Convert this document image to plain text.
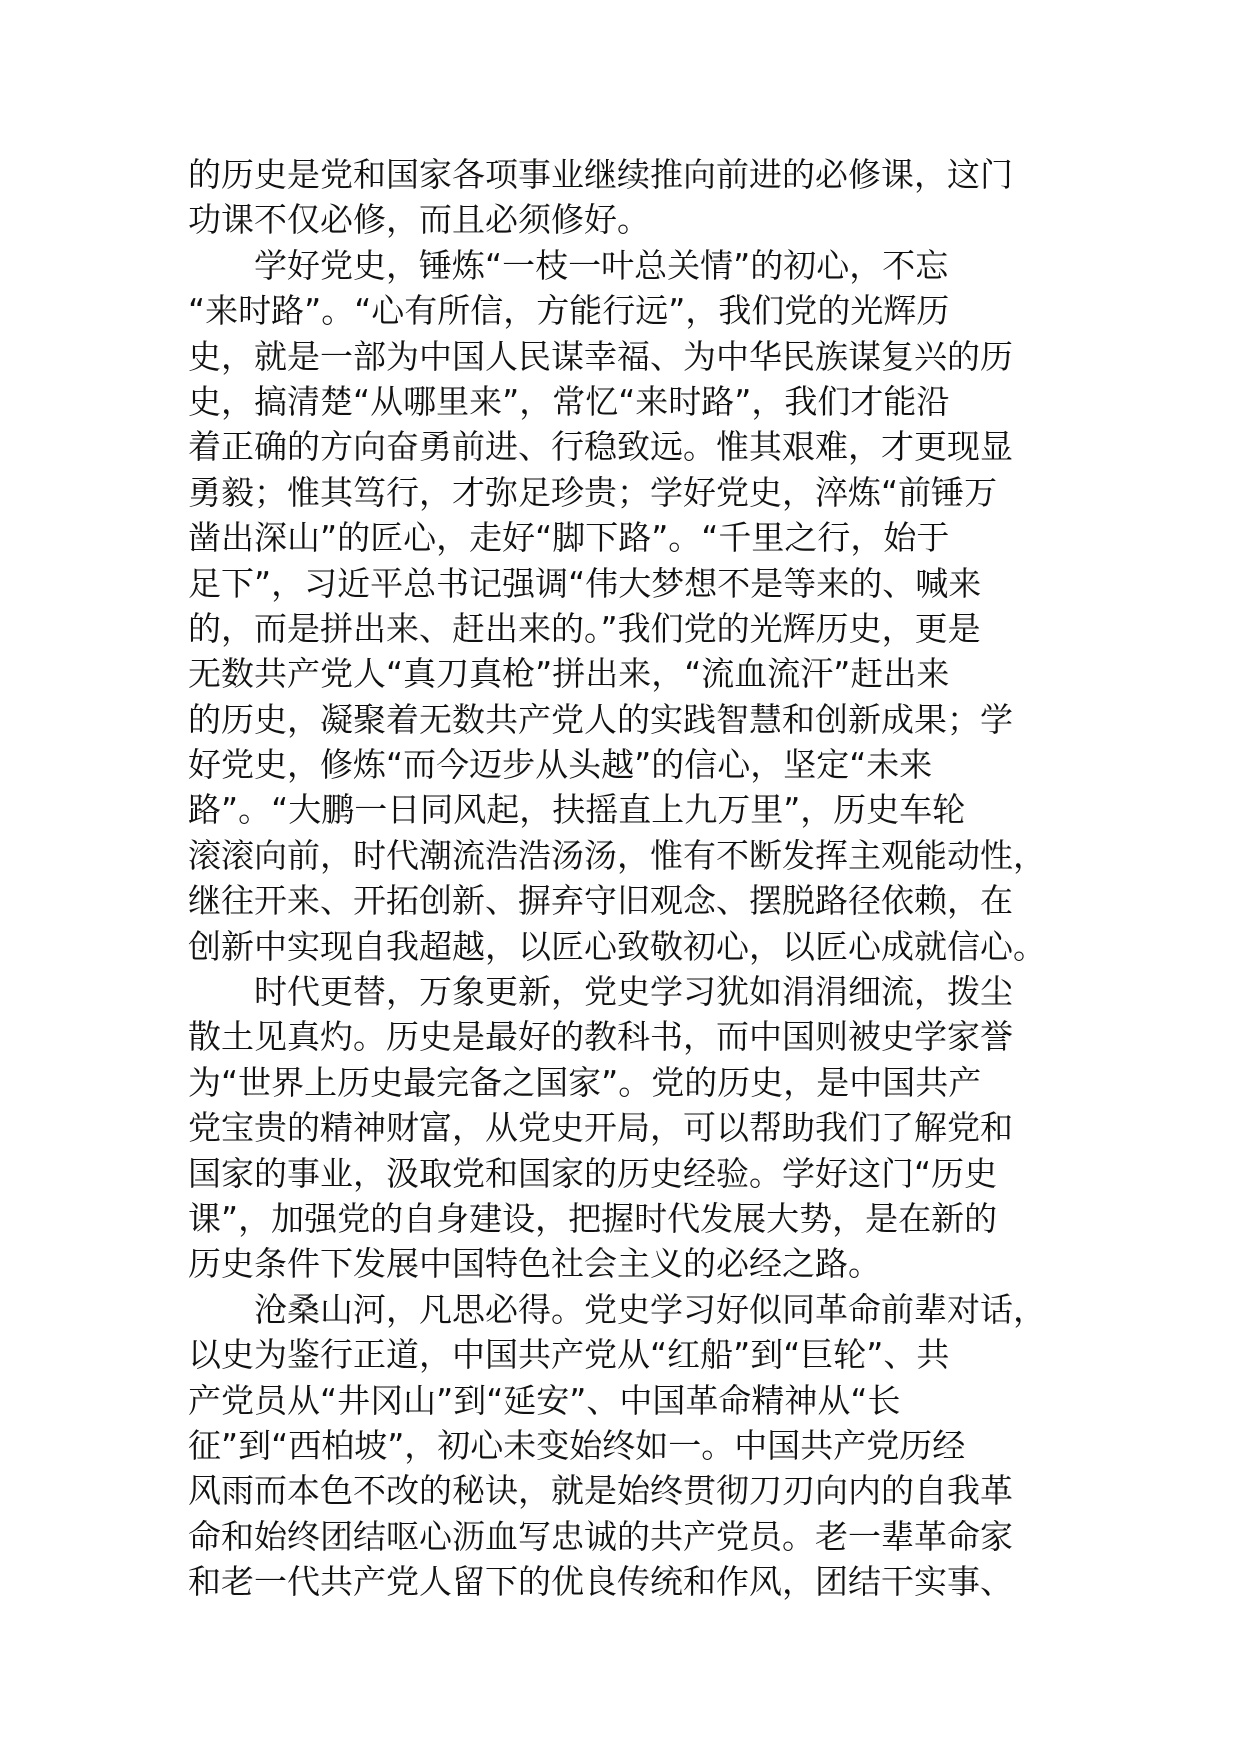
的历史是党和国家各项事业继续推向前进的必修课，这门
功课不仅必修，而且必须修好。
学好党史，锤炼“一枝一叶总关情”的初心，不忘
“来时路”。“心有所信，方能行远”，我们党的光辉历
史，就是一部为中国人民谋幸福、为中华民族谋复兴的历
史，搞清楚“从哪里来”，常忆“来时路”，我们才能沿
着正确的方向奋勇前进、行稳致远。惟其艰难，才更现显
勇毅；惟其笃行，才弥足珍贵；学好党史，淬炼“前锤万
凿出深山”的匠心，走好“脚下路”。“千里之行，始于
足下”，习近平总书记强调“伟大梦想不是等来的、喊来
的，而是拼出来、赶出来的。”我们党的光辉历史，更是
无数共产党人“真刀真枪”拼出来，“流血流汗”赶出来
的历史，凝聚着无数共产党人的实践智慧和创新成果；学
好党史，修炼“而今迈步从头越”的信心，坚定“未来
路”。“大鹏一日同风起，扶摇直上九万里”，历史车轮
滚滚向前，时代潮流浩浩汤汤，惟有不断发挥主观能动性，
继往开来、开拓创新、摒弃守旧观念、摆脱路径依赖，在
创新中实现自我超越，以匠心致敬初心，以匠心成就信心。
时代更替，万象更新，党史学习犹如涓涓细流，拨尘
散土见真灼。历史是最好的教科书，而中国则被史学家誉
为“世界上历史最完备之国家”。党的历史，是中国共产
党宝贵的精神财富，从党史开局，可以帮助我们了解党和
国家的事业，汲取党和国家的历史经验。学好这门“历史
课”，加强党的自身建设，把握时代发展大势，是在新的
历史条件下发展中国特色社会主义的必经之路。
沧桑山河，凡思必得。党史学习好似同革命前辈对话，
以史为鉴行正道，中国共产党从“红船”到“巨轮”、共
产党员从“井冈山”到“延安”、中国革命精神从“长
征”到“西柏坡”，初心未变始终如一。中国共产党历经
风雨而本色不改的秘诀，就是始终贯彻刀刃向内的自我革
命和始终团结呕心沥血写忠诚的共产党员。老一辈革命家
和老一代共产党人留下的优良传统和作风，团结干实事、
